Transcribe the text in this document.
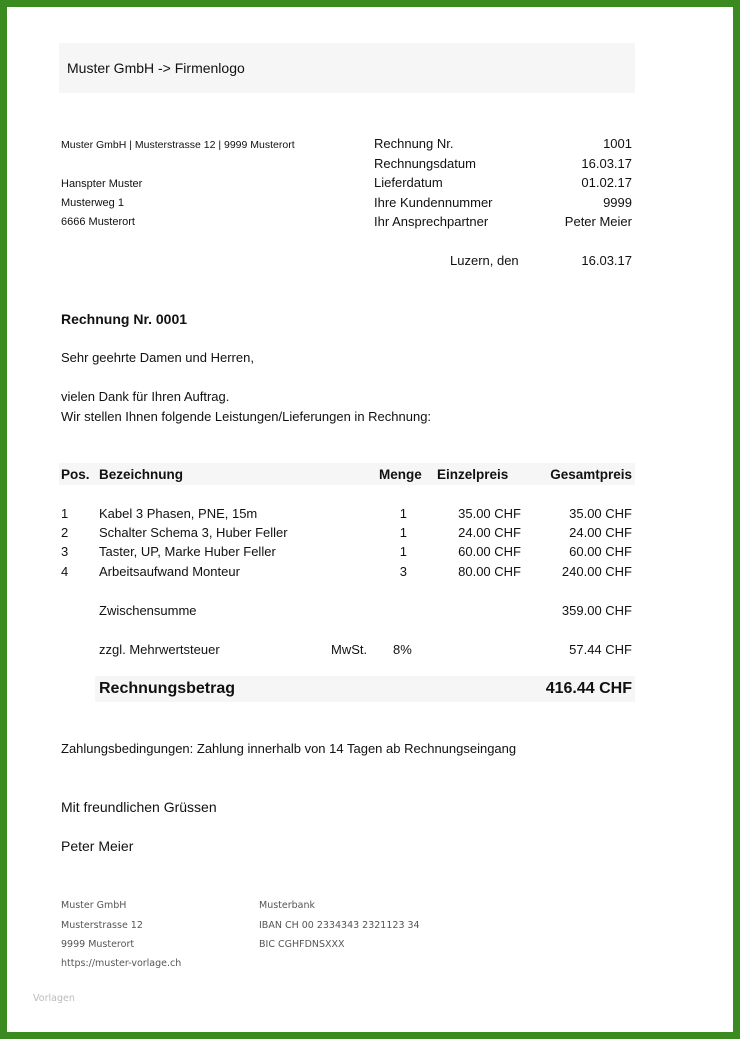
Muster GmbH -> Firmenlogo
Muster GmbH | Musterstrasse 12 | 9999 Musterort
Hanspter Muster
Musterweg 1
6666 Musterort
Rechnung Nr.	1001
Rechnungsdatum	16.03.17
Lieferdatum	01.02.17
Ihre Kundennummer	9999
Ihr Ansprechpartner	Peter Meier
Luzern, den	16.03.17
Rechnung Nr. 0001
Sehr geehrte Damen und Herren,
vielen Dank für Ihren Auftrag.
Wir stellen Ihnen folgende Leistungen/Lieferungen in Rechnung:
Pos. Bezeichnung	Menge Einzelpreis	Gesamtpreis
1 Kabel 3 Phasen, PNE, 15m	1	35.00 CHF	35.00 CHF
2 Schalter Schema 3, Huber Feller	1	24.00 CHF	24.00 CHF
3 Taster, UP, Marke Huber Feller	1	60.00 CHF	60.00 CHF
4 Arbeitsaufwand Monteur	3	80.00 CHF	240.00 CHF
Zwischensumme	359.00 CHF
zzgl. Mehrwertsteuer	MwSt. 8%	57.44 CHF
Rechnungsbetrag	416.44 CHF
Zahlungsbedingungen: Zahlung innerhalb von 14 Tagen ab Rechnungseingang
Mit freundlichen Grüssen
Peter Meier
Muster GmbH
Musterstrasse 12
9999 Musterort
https://muster-vorlage.ch
Musterbank
IBAN CH 00 2334343 2321123 34
BIC CGHFDNSXXX
Vorlagen
